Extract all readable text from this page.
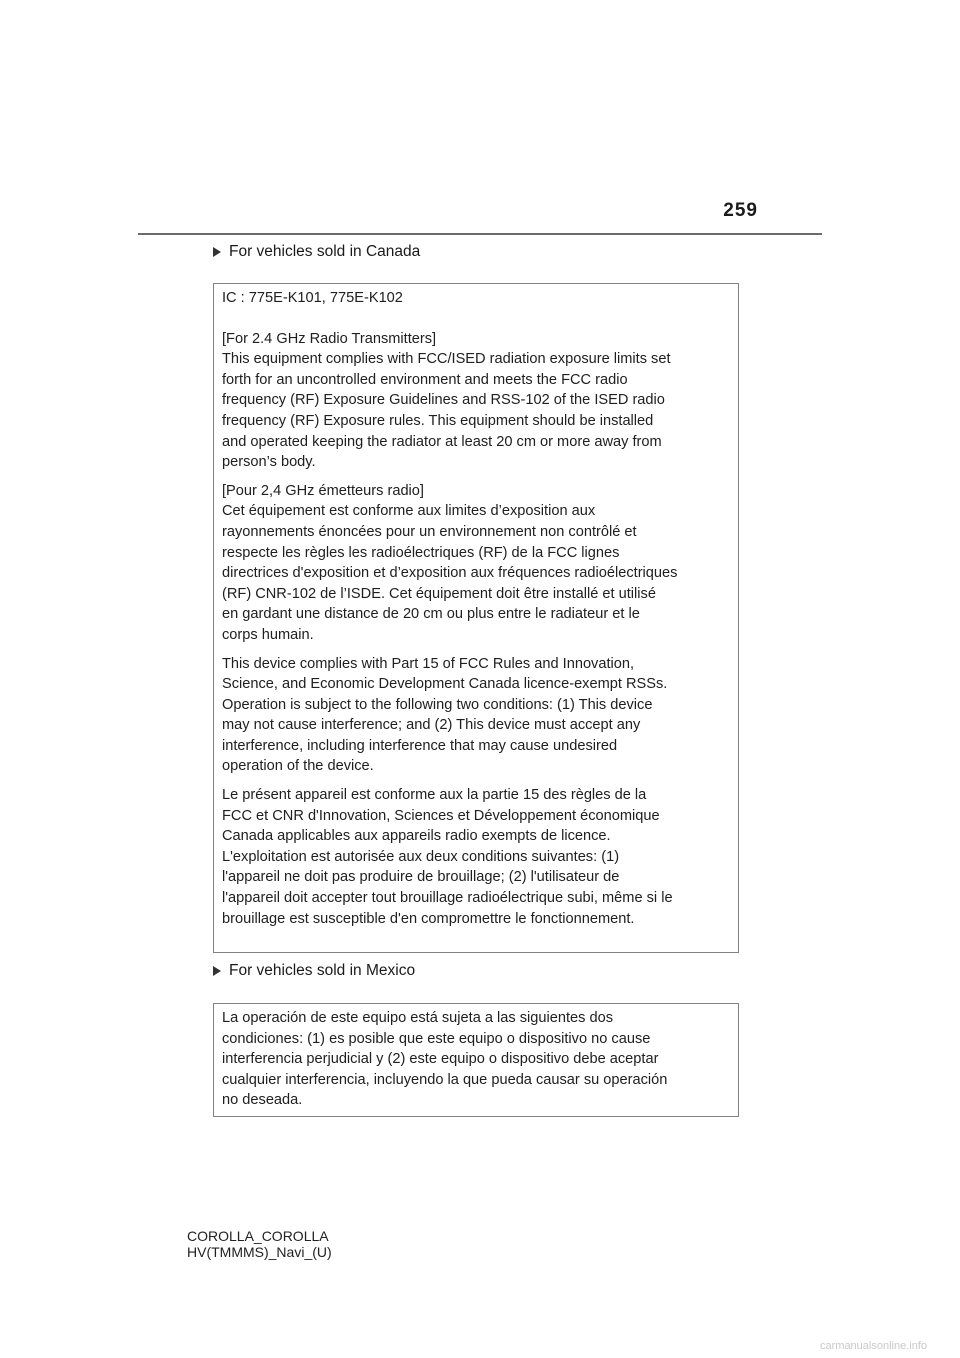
259
For vehicles sold in Canada

IC : 775E-K101, 775E-K102

[For 2.4 GHz Radio Transmitters]

This equipment complies with FCC/ISED radiation exposure limits set

forth for an uncontrolled environment and meets the FCC radio

frequency (RF) Exposure Guidelines and RSS-102 of the ISED radio

frequency (RF) Exposure rules. This equipment should be installed

and operated keeping the radiator at least 20 cm or more away from

person’s body.

[Pour 2,4 GHz émetteurs radio]

Cet équipement est conforme aux limites d’exposition aux

rayonnements énoncées pour un environnement non contrôlé et

respecte les règles les radioélectriques (RF) de la FCC lignes

directrices d'exposition et d’exposition aux fréquences radioélectriques

(RF) CNR-102 de l’ISDE. Cet équipement doit être installé et utilisé

en gardant une distance de 20 cm ou plus entre le radiateur et le

corps humain.

This device complies with Part 15 of FCC Rules and Innovation,

Science, and Economic Development Canada licence-exempt RSSs.

Operation is subject to the following two conditions: (1) This device

may not cause interference; and (2) This device must accept any

interference, including interference that may cause undesired

operation of the device.

Le présent appareil est conforme aux la partie 15 des règles de la

FCC et CNR d'Innovation, Sciences et Développement économique

Canada applicables aux appareils radio exempts de licence.

L'exploitation est autorisée aux deux conditions suivantes: (1)

l'appareil ne doit pas produire de brouillage; (2) l'utilisateur de

l'appareil doit accepter tout brouillage radioélectrique subi, même si le

brouillage est susceptible d'en compromettre le fonctionnement.

For vehicles sold in Mexico

La operación de este equipo está sujeta a las siguientes dos

condiciones: (1) es posible que este equipo o dispositivo no cause

interferencia perjudicial y (2) este equipo o dispositivo debe aceptar

cualquier interferencia, incluyendo la que pueda causar su operación

no deseada.

COROLLA_COROLLA
HV(TMMMS)_Navi_(U)
carmanualsonline.info
